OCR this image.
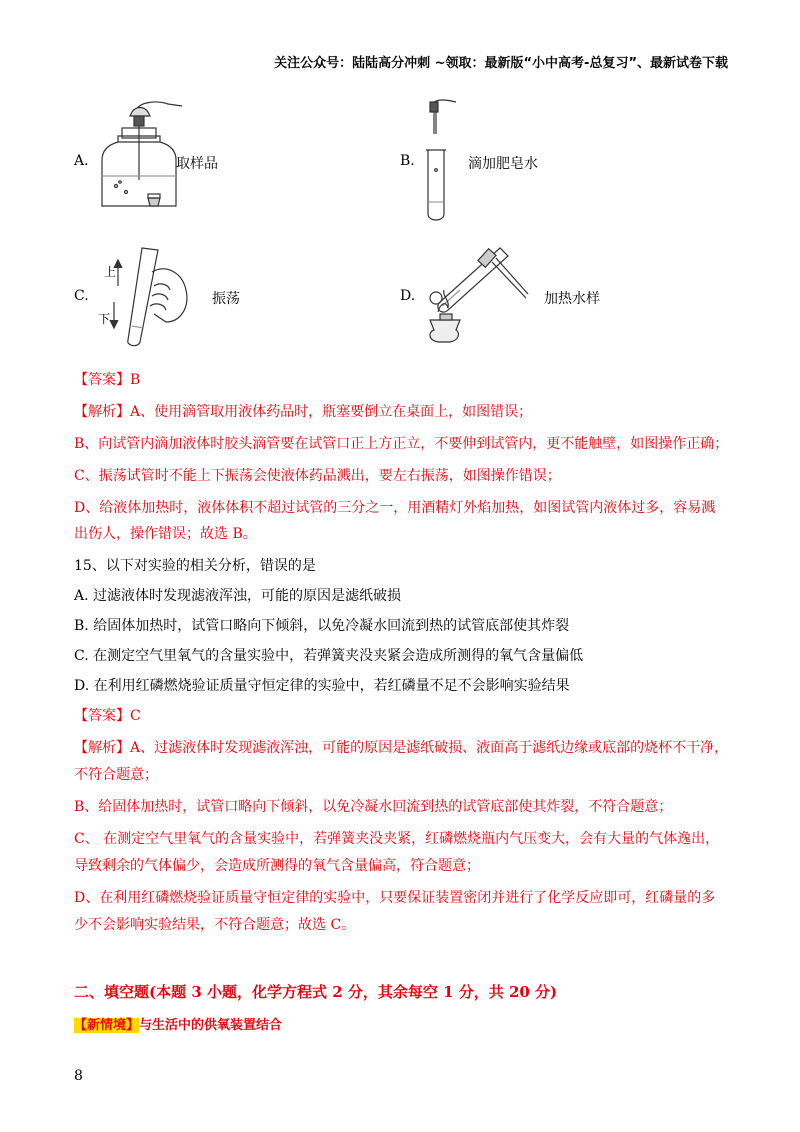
关注公众号：陆陆高分冲刺 ~领取：最新版“小中高考-总复习”、最新试卷下载
A.	取样品	B.	滴加肥皂水
C.
上
下
振荡	D.	加热水样
【答案】B
【解析】A、使用滴管取用液体药品时，瓶塞要倒立在桌面上，如图错误；
B、向试管内滴加液体时胶头滴管要在试管口正上方正立，不要伸到试管内，更不能触壁，如图操作正确；
C、振荡试管时不能上下振荡会使液体药品溅出，要左右振荡，如图操作错误；
D、给液体加热时，液体体积不超过试管的三分之一，用酒精灯外焰加热，如图试管内液体过多，容易溅
出伤人，操作错误；故选 B。
15、以下对实验的相关分析，错误的是
A. 过滤液体时发现滤液浑浊，可能的原因是滤纸破损
B. 给固体加热时，试管口略向下倾斜，以免冷凝水回流到热的试管底部使其炸裂
C. 在测定空气里氧气的含量实验中，若弹簧夹没夹紧会造成所测得的氧气含量偏低
D. 在利用红磷燃烧验证质量守恒定律的实验中，若红磷量不足不会影响实验结果
【答案】C
【解析】A、过滤液体时发现滤液浑浊，可能的原因是滤纸破损、液面高于滤纸边缘或底部的烧杯不干净，
不符合题意；
B、给固体加热时，试管口略向下倾斜，以免冷凝水回流到热的试管底部使其炸裂，不符合题意；
C、 在测定空气里氧气的含量实验中，若弹簧夹没夹紧，红磷燃烧瓶内气压变大，会有大量的气体逸出，
导致剩余的气体偏少，会造成所测得的氧气含量偏高，符合题意；
D、在利用红磷燃烧验证质量守恒定律的实验中，只要保证装置密闭并进行了化学反应即可，红磷量的多
少不会影响实验结果，不符合题意；故选 C。
二、填空题(本题 3 小题，化学方程式 2 分，其余每空 1 分，共 20 分)
【新情境】与生活中的供氧装置结合
8
